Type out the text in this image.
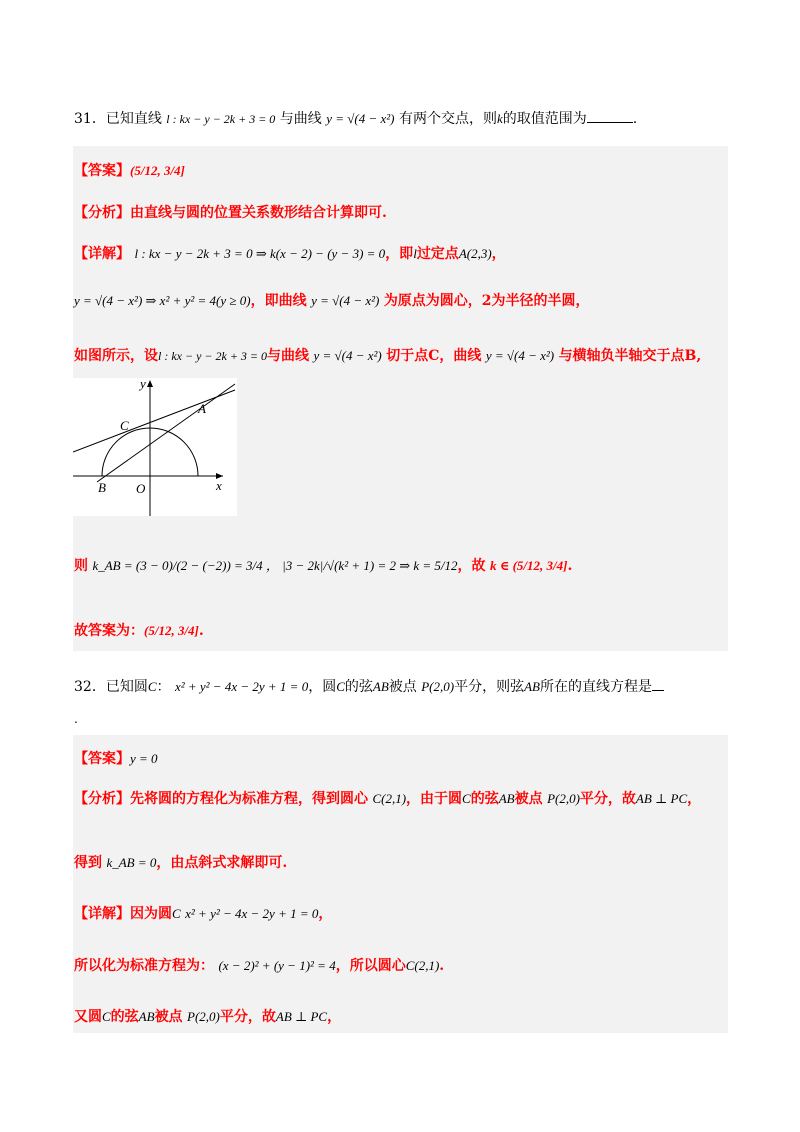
31．已知直线 l : kx − y − 2k + 3 = 0 与曲线 y = √(4 − x²) 有两个交点，则k的取值范围为	.
【答案】(5/12, 3/4]
【分析】由直线与圆的位置关系数形结合计算即可.
【详解】 l : kx − y − 2k + 3 = 0 ⇒ k(x − 2) − (y − 3) = 0，即l过定点A(2,3)，
y = √(4 − x²) ⇒ x² + y² = 4(y ≥ 0)，即曲线 y = √(4 − x²) 为原点为圆心，2为半径的半圆，
如图所示，设l : kx − y − 2k + 3 = 0与曲线 y = √(4 − x²) 切于点C，曲线 y = √(4 − x²) 与横轴负半轴交于点B,
y
x
A
B
C
O
则 k_AB = (3 − 0)/(2 − (−2)) = 3/4 ， |3 − 2k|/√(k² + 1) = 2 ⇒ k = 5/12，故 k ∈ (5/12, 3/4].
故答案为：(5/12, 3/4].
32．已知圆C： x² + y² − 4x − 2y + 1 = 0，圆C的弦AB被点 P(2,0)平分，则弦AB所在的直线方程是
.
【答案】y = 0
【分析】先将圆的方程化为标准方程，得到圆心 C(2,1)，由于圆C的弦AB被点 P(2,0)平分，故AB ⊥ PC，
得到 k_AB = 0，由点斜式求解即可.
【详解】因为圆C x² + y² − 4x − 2y + 1 = 0，
所以化为标准方程为： (x − 2)² + (y − 1)² = 4，所以圆心C(2,1).
又圆C的弦AB被点 P(2,0)平分，故AB ⊥ PC，
